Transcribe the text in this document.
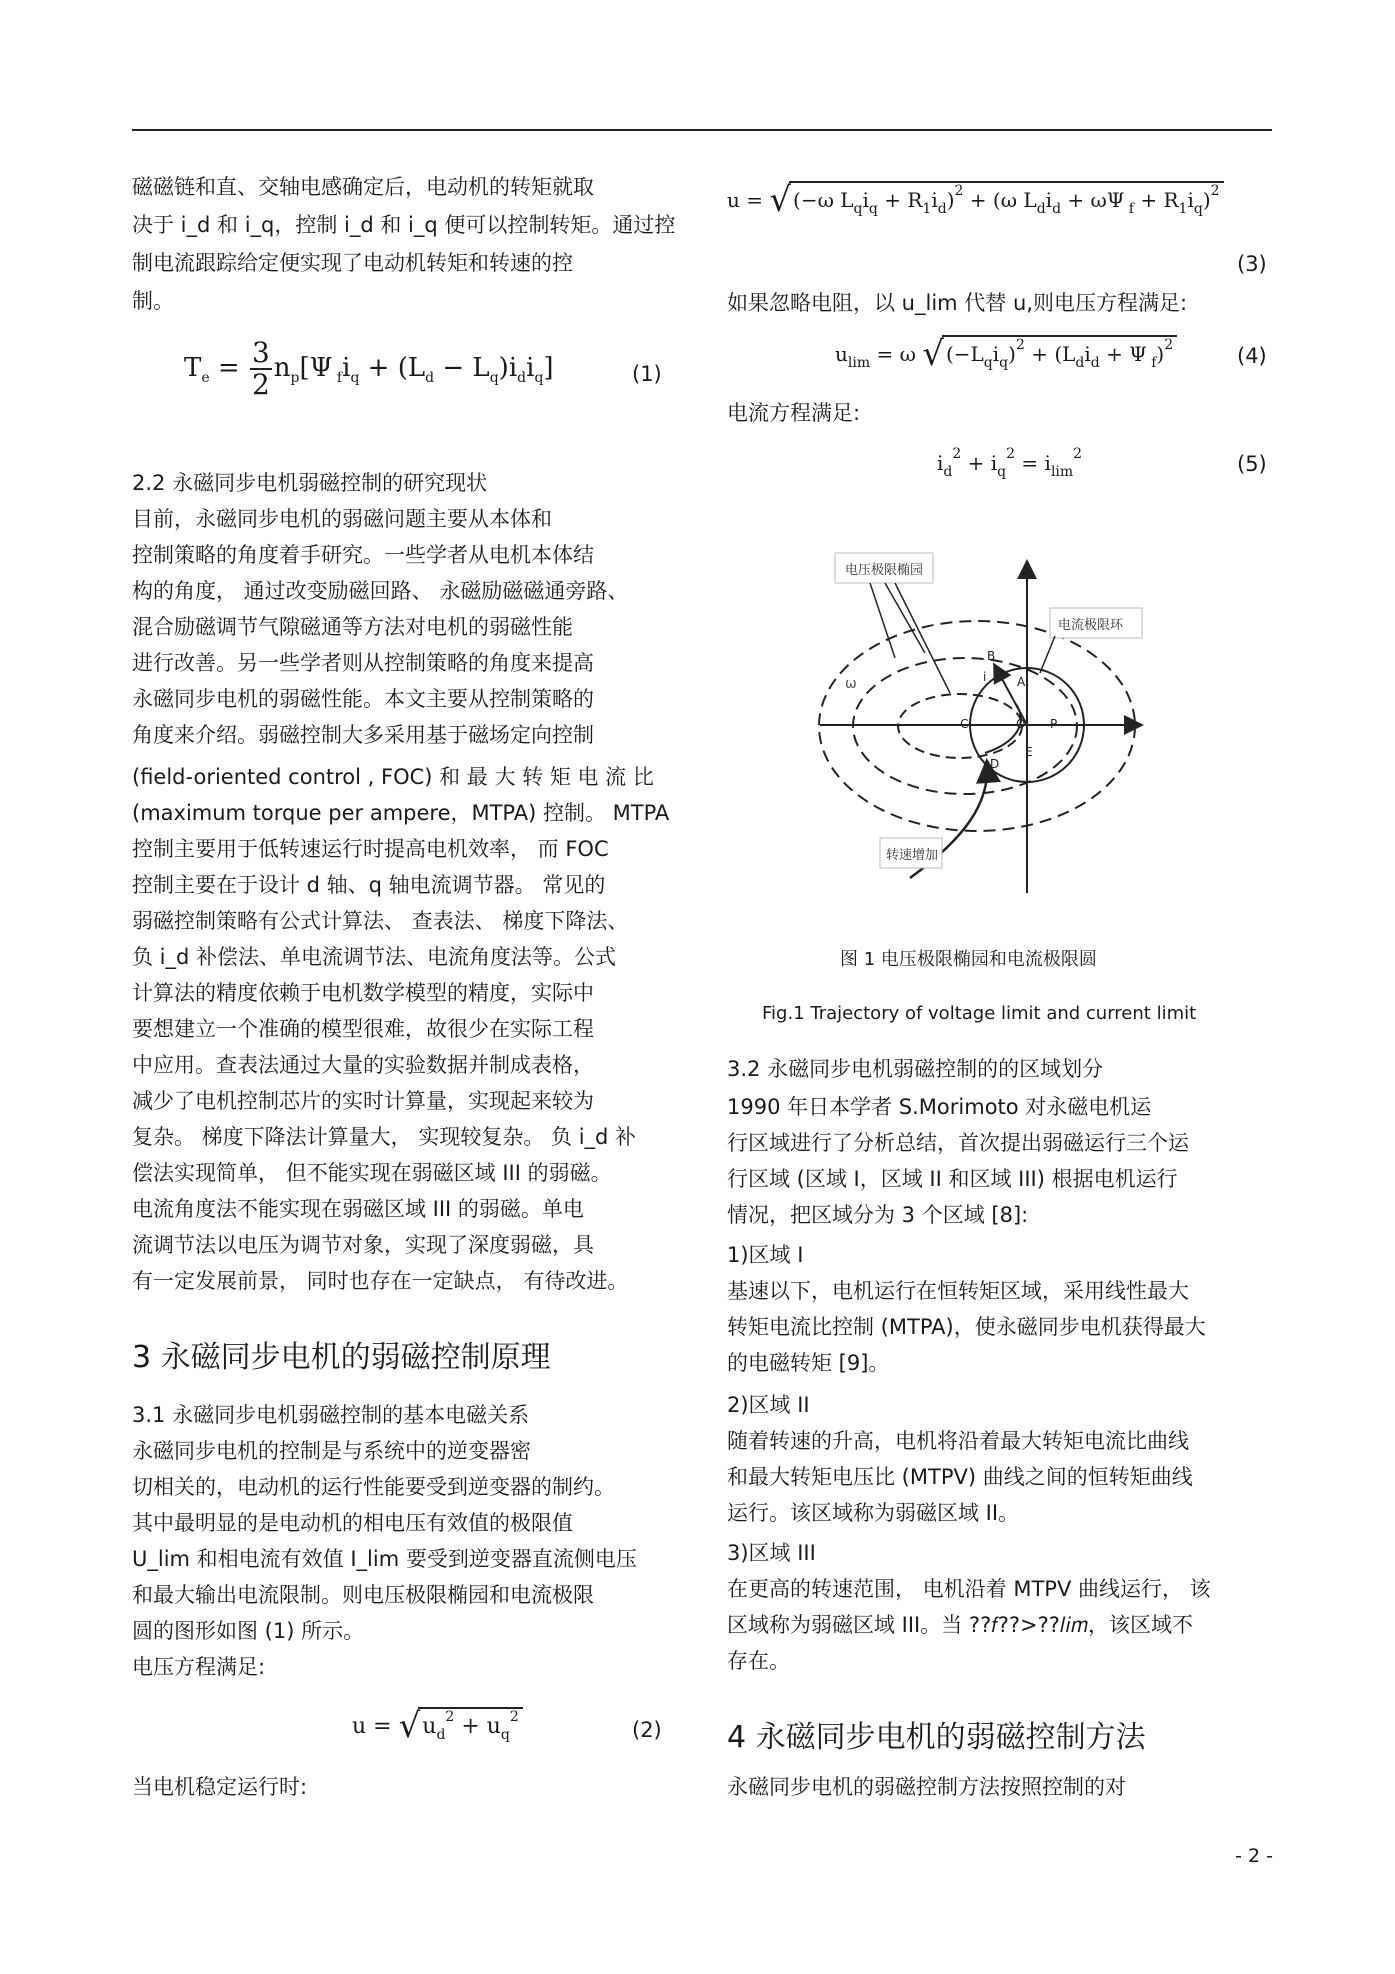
磁磁链和直、交轴电感确定后，电动机的转矩就取
决于 i_d 和 i_q，控制 i_d 和 i_q 便可以控制转矩。通过控
制电流跟踪给定便实现了电动机转矩和转速的控
制。
$T_e = \frac{3}{2} n_p[\Psi$ $_fi_q + (L_d - L_q)i_di_q$]	(1)
2.2 永磁同步电机弱磁控制的研究现状
目前，永磁同步电机的弱磁问题主要从本体和
控制策略的角度着手研究。一些学者从电机本体结
构的角度， 通过改变励磁回路、 永磁励磁磁通旁路、
混合励磁调节气隙磁通等方法对电机的弱磁性能
进行改善。另一些学者则从控制策略的角度来提高
永磁同步电机的弱磁性能。本文主要从控制策略的
角度来介绍。弱磁控制大多采用基于磁场定向控制
(field-oriented control , FOC) 和 最 大 转 矩 电 流 比
(maximum torque per ampere，MTPA) 控制。 MTPA
控制主要用于低转速运行时提高电机效率， 而 FOC
控制主要在于设计 d 轴、q 轴电流调节器。 常见的
弱磁控制策略有公式计算法、 查表法、 梯度下降法、
负 i_d 补偿法、单电流调节法、电流角度法等。公式
计算法的精度依赖于电机数学模型的精度，实际中
要想建立一个准确的模型很难，故很少在实际工程
中应用。查表法通过大量的实验数据并制成表格，
减少了电机控制芯片的实时计算量，实现起来较为
复杂。 梯度下降法计算量大， 实现较复杂。 负 i_d 补
偿法实现简单， 但不能实现在弱磁区域 III 的弱磁。
电流角度法不能实现在弱磁区域 III 的弱磁。单电
流调节法以电压为调节对象，实现了深度弱磁，具
有一定发展前景， 同时也存在一定缺点， 有待改进。
3 永磁同步电机的弱磁控制原理
3.1 永磁同步电机弱磁控制的基本电磁关系
永磁同步电机的控制是与系统中的逆变器密
切相关的，电动机的运行性能要受到逆变器的制约。
其中最明显的是电动机的相电压有效值的极限值
U_lim 和相电流有效值 I_lim 要受到逆变器直流侧电压
和最大输出电流限制。则电压极限椭园和电流极限
圆的图形如图 (1) 所示。
电压方程满足:
$u = √u_d^2 + u_q^2$
(2)
当电机稳定运行时:
u = √ (−ω $L_qi_q + R_1i_d)^2 + (\omega$ $L_di_d + \omega\Psi$ $_f + R_1i_q)^2$
(3)
如果忽略电阻，以 u_lim 代替 u,则电压方程满足:
$u_{lim} = \omega$ √ $(-L_qi_q)^2 + (L_di_d + \Psi$ $_f$)$^2$	(4)
电流方程满足:
$i_d^2 + i_q^2 = i_{lim}^2$	(5)
电压极限椭园
电流极限环
转速增加
ω
B
i	A
C	O P
D
E
图 1 电压极限椭园和电流极限圆
Fig.1 Trajectory of voltage limit and current limit
3.2 永磁同步电机弱磁控制的的区域划分
1990 年日本学者 S.Morimoto 对永磁电机运
行区域进行了分析总结，首次提出弱磁运行三个运
行区域 (区域 I，区域 II 和区域 III) 根据电机运行
情况，把区域分为 3 个区域 [8]:
1)区域 I
基速以下，电机运行在恒转矩区域，采用线性最大
转矩电流比控制 (MTPA)，使永磁同步电机获得最大
的电磁转矩 [9]。
2)区域 II
随着转速的升高，电机将沿着最大转矩电流比曲线
和最大转矩电压比 (MTPV) 曲线之间的恒转矩曲线
运行。该区域称为弱磁区域 II。
3)区域 III
在更高的转速范围， 电机沿着 MTPV 曲线运行， 该
区域称为弱磁区域 III。当 ??𝑓??>??𝑙𝑖𝑚，该区域不
存在。
4 永磁同步电机的弱磁控制方法
永磁同步电机的弱磁控制方法按照控制的对
- 2 -
